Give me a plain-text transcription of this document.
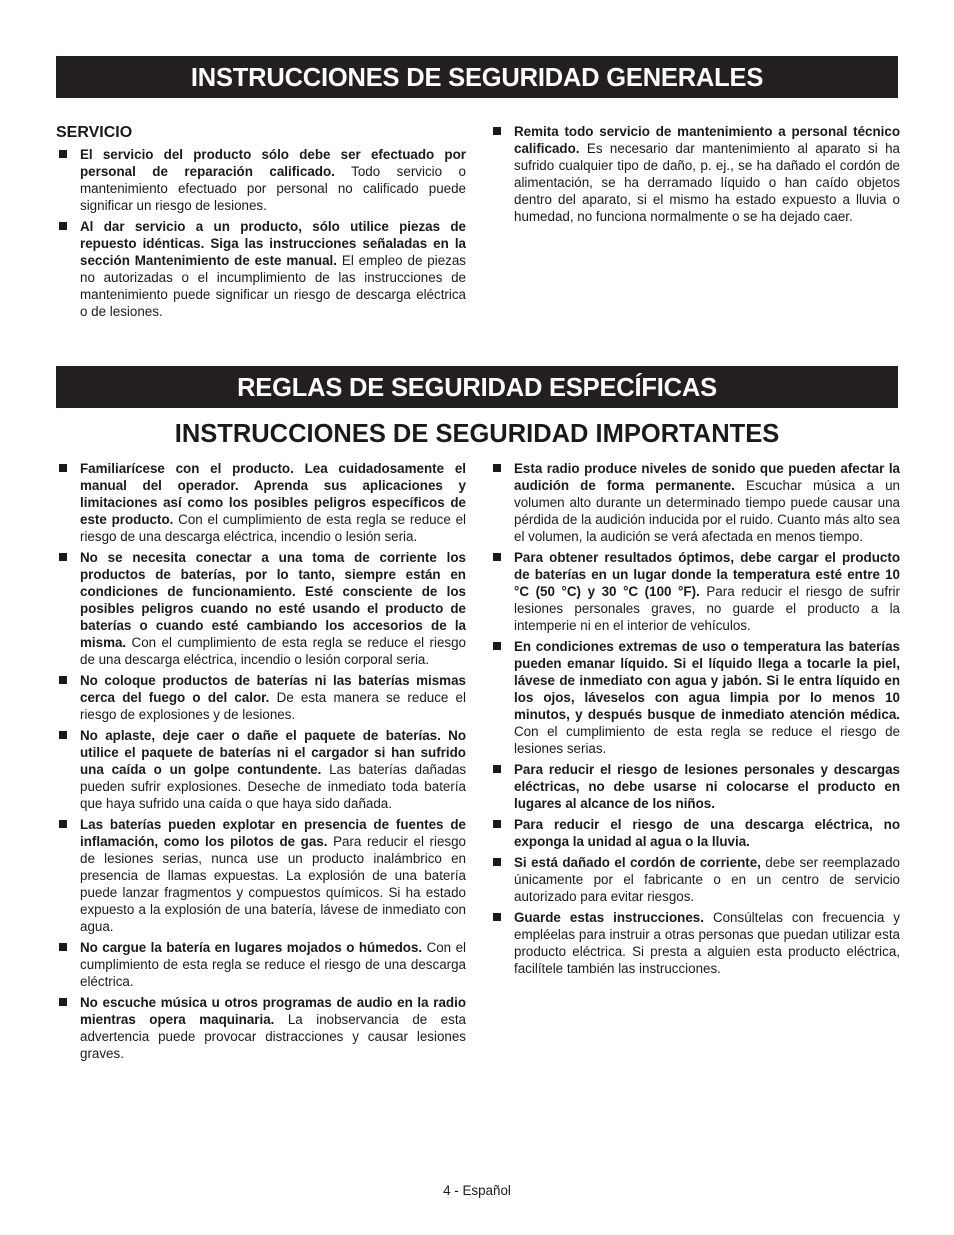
INSTRUCCIONES DE SEGURIDAD GENERALES
SERVICIO
El servicio del producto sólo debe ser efectuado por personal de reparación calificado. Todo servicio o mantenimiento efectuado por personal no calificado puede significar un riesgo de lesiones.
Al dar servicio a un producto, sólo utilice piezas de repuesto idénticas. Siga las instrucciones señaladas en la sección Mantenimiento de este manual. El empleo de piezas no autorizadas o el incumplimiento de las instrucciones de mantenimiento puede significar un riesgo de descarga eléctrica o de lesiones.
Remita todo servicio de mantenimiento a personal técnico calificado. Es necesario dar mantenimiento al aparato si ha sufrido cualquier tipo de daño, p. ej., se ha dañado el cordón de alimentación, se ha derramado líquido o han caído objetos dentro del aparato, si el mismo ha estado expuesto a lluvia o humedad, no funciona normalmente o se ha dejado caer.
REGLAS DE SEGURIDAD ESPECÍFICAS
INSTRUCCIONES DE SEGURIDAD IMPORTANTES
Familiarícese con el producto. Lea cuidadosamente el manual del operador. Aprenda sus aplicaciones y limitaciones así como los posibles peligros específicos de este producto. Con el cumplimiento de esta regla se reduce el riesgo de una descarga eléctrica, incendio o lesión seria.
No se necesita conectar a una toma de corriente los productos de baterías, por lo tanto, siempre están en condiciones de funcionamiento. Esté consciente de los posibles peligros cuando no esté usando el producto de baterías o cuando esté cambiando los accesorios de la misma. Con el cumplimiento de esta regla se reduce el riesgo de una descarga eléctrica, incendio o lesión corporal seria.
No coloque productos de baterías ni las baterías mismas cerca del fuego o del calor. De esta manera se reduce el riesgo de explosiones y de lesiones.
No aplaste, deje caer o dañe el paquete de baterías. No utilice el paquete de baterías ni el cargador si han sufrido una caída o un golpe contundente. Las baterías dañadas pueden sufrir explosiones. Deseche de inmediato toda batería que haya sufrido una caída o que haya sido dañada.
Las baterías pueden explotar en presencia de fuentes de inflamación, como los pilotos de gas. Para reducir el riesgo de lesiones serias, nunca use un producto inalámbrico en presencia de llamas expuestas. La explosión de una batería puede lanzar fragmentos y compuestos químicos. Si ha estado expuesto a la explosión de una batería, lávese de inmediato con agua.
No cargue la batería en lugares mojados o húmedos. Con el cumplimiento de esta regla se reduce el riesgo de una descarga eléctrica.
No escuche música u otros programas de audio en la radio mientras opera maquinaria. La inobservancia de esta advertencia puede provocar distracciones y causar lesiones graves.
Esta radio produce niveles de sonido que pueden afectar la audición de forma permanente. Escuchar música a un volumen alto durante un determinado tiempo puede causar una pérdida de la audición inducida por el ruido. Cuanto más alto sea el volumen, la audición se verá afectada en menos tiempo.
Para obtener resultados óptimos, debe cargar el producto de baterías en un lugar donde la temperatura esté entre 10 °C (50 °C) y 30 °C (100 °F). Para reducir el riesgo de sufrir lesiones personales graves, no guarde el producto a la intemperie ni en el interior de vehículos.
En condiciones extremas de uso o temperatura las baterías pueden emanar líquido. Si el líquido llega a tocarle la piel, lávese de inmediato con agua y jabón. Si le entra líquido en los ojos, láveselos con agua limpia por lo menos 10 minutos, y después busque de inmediato atención médica. Con el cumplimiento de esta regla se reduce el riesgo de lesiones serias.
Para reducir el riesgo de lesiones personales y descargas eléctricas, no debe usarse ni colocarse el producto en lugares al alcance de los niños.
Para reducir el riesgo de una descarga eléctrica, no exponga la unidad al agua o la lluvia.
Si está dañado el cordón de corriente, debe ser reemplazado únicamente por el fabricante o en un centro de servicio autorizado para evitar riesgos.
Guarde estas instrucciones. Consúltelas con frecuencia y empléelas para instruir a otras personas que puedan utilizar esta producto eléctrica. Si presta a alguien esta producto eléctrica, facilítele también las instrucciones.
4 - Español
